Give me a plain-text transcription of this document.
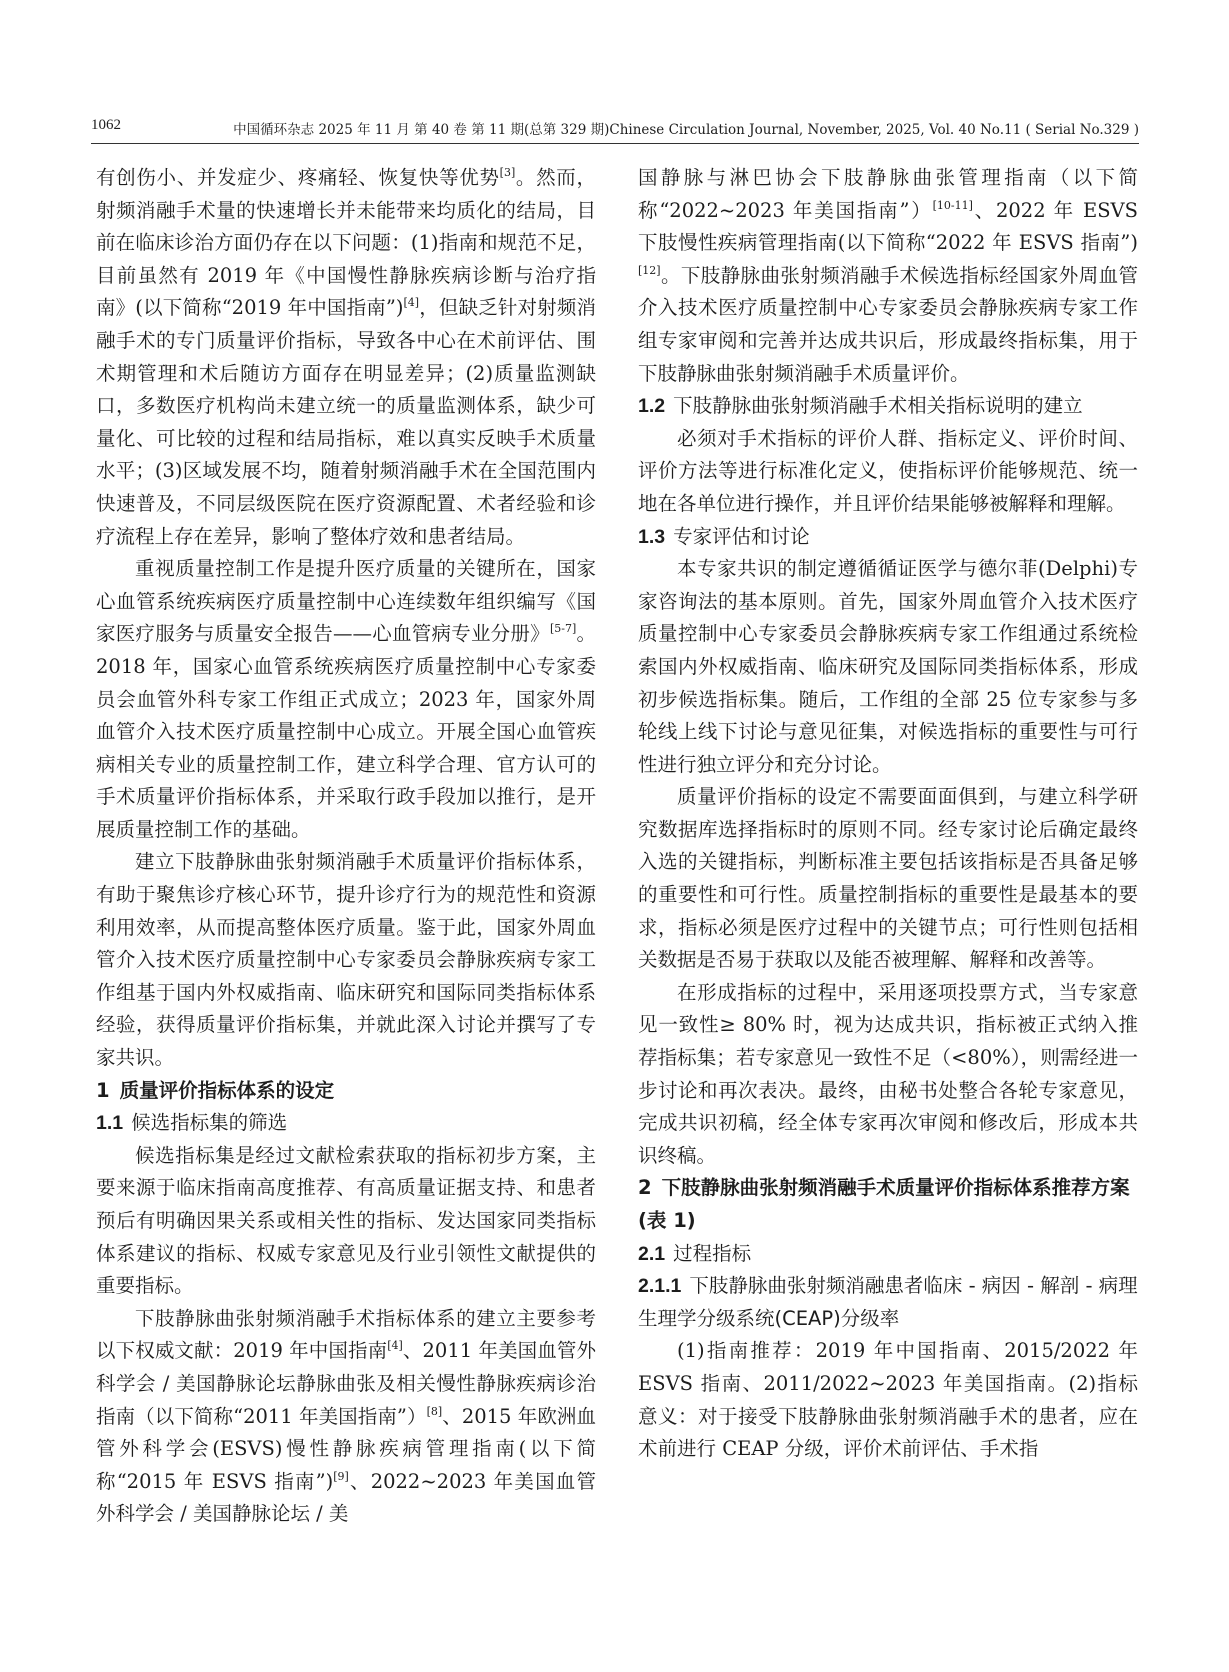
1062	中国循环杂志 2025 年 11 月 第 40 卷 第 11 期(总第 329 期)Chinese Circulation Journal, November, 2025, Vol. 40 No.11 ( Serial No.329 )

有创伤小、并发症少、疼痛轻、恢复快等优势[3]。然而，射频消融手术量的快速增长并未能带来均质化的结局，目前在临床诊治方面仍存在以下问题：(1)指南和规范不足，目前虽然有 2019 年《中国慢性静脉疾病诊断与治疗指南》(以下简称“2019 年中国指南”)[4]，但缺乏针对射频消融手术的专门质量评价指标，导致各中心在术前评估、围术期管理和术后随访方面存在明显差异；(2)质量监测缺口，多数医疗机构尚未建立统一的质量监测体系，缺少可量化、可比较的过程和结局指标，难以真实反映手术质量水平；(3)区域发展不均，随着射频消融手术在全国范围内快速普及，不同层级医院在医疗资源配置、术者经验和诊疗流程上存在差异，影响了整体疗效和患者结局。

重视质量控制工作是提升医疗质量的关键所在，国家心血管系统疾病医疗质量控制中心连续数年组织编写《国家医疗服务与质量安全报告——心血管病专业分册》[5-7]。2018 年，国家心血管系统疾病医疗质量控制中心专家委员会血管外科专家工作组正式成立；2023 年，国家外周血管介入技术医疗质量控制中心成立。开展全国心血管疾病相关专业的质量控制工作，建立科学合理、官方认可的手术质量评价指标体系，并采取行政手段加以推行，是开展质量控制工作的基础。

建立下肢静脉曲张射频消融手术质量评价指标体系，有助于聚焦诊疗核心环节，提升诊疗行为的规范性和资源利用效率，从而提高整体医疗质量。鉴于此，国家外周血管介入技术医疗质量控制中心专家委员会静脉疾病专家工作组基于国内外权威指南、临床研究和国际同类指标体系经验，获得质量评价指标集，并就此深入讨论并撰写了专家共识。

1 质量评价指标体系的设定
1.1 候选指标集的筛选

候选指标集是经过文献检索获取的指标初步方案，主要来源于临床指南高度推荐、有高质量证据支持、和患者预后有明确因果关系或相关性的指标、发达国家同类指标体系建议的指标、权威专家意见及行业引领性文献提供的重要指标。

下肢静脉曲张射频消融手术指标体系的建立主要参考以下权威文献：2019 年中国指南[4]、2011 年美国血管外科学会 / 美国静脉论坛静脉曲张及相关慢性静脉疾病诊治指南（以下简称“2011 年美国指南”）[8]、2015 年欧洲血管外科学会(ESVS)慢性静脉疾病管理指南(以下简称“2015 年 ESVS 指南”)[9]、2022~2023 年美国血管外科学会 / 美国静脉论坛 / 美

国静脉与淋巴协会下肢静脉曲张管理指南（以下简称“2022~2023 年美国指南”）[10-11]、2022 年 ESVS 下肢慢性疾病管理指南(以下简称“2022 年 ESVS 指南”)[12]。下肢静脉曲张射频消融手术候选指标经国家外周血管介入技术医疗质量控制中心专家委员会静脉疾病专家工作组专家审阅和完善并达成共识后，形成最终指标集，用于下肢静脉曲张射频消融手术质量评价。

1.2 下肢静脉曲张射频消融手术相关指标说明的建立

必须对手术指标的评价人群、指标定义、评价时间、评价方法等进行标准化定义，使指标评价能够规范、统一地在各单位进行操作，并且评价结果能够被解释和理解。

1.3 专家评估和讨论

本专家共识的制定遵循循证医学与德尔菲(Delphi)专家咨询法的基本原则。首先，国家外周血管介入技术医疗质量控制中心专家委员会静脉疾病专家工作组通过系统检索国内外权威指南、临床研究及国际同类指标体系，形成初步候选指标集。随后，工作组的全部 25 位专家参与多轮线上线下讨论与意见征集，对候选指标的重要性与可行性进行独立评分和充分讨论。

质量评价指标的设定不需要面面俱到，与建立科学研究数据库选择指标时的原则不同。经专家讨论后确定最终入选的关键指标，判断标准主要包括该指标是否具备足够的重要性和可行性。质量控制指标的重要性是最基本的要求，指标必须是医疗过程中的关键节点；可行性则包括相关数据是否易于获取以及能否被理解、解释和改善等。

在形成指标的过程中，采用逐项投票方式，当专家意见一致性≥ 80% 时，视为达成共识，指标被正式纳入推荐指标集；若专家意见一致性不足（<80%），则需经进一步讨论和再次表决。最终，由秘书处整合各轮专家意见，完成共识初稿，经全体专家再次审阅和修改后，形成本共识终稿。

2 下肢静脉曲张射频消融手术质量评价指标体系推荐方案(表 1)
2.1 过程指标
2.1.1 下肢静脉曲张射频消融患者临床 - 病因 - 解剖 - 病理生理学分级系统(CEAP)分级率

(1)指南推荐：2019 年中国指南、2015/2022 年 ESVS 指南、2011/2022~2023 年美国指南。(2)指标意义：对于接受下肢静脉曲张射频消融手术的患者，应在术前进行 CEAP 分级，评价术前评估、手术指
